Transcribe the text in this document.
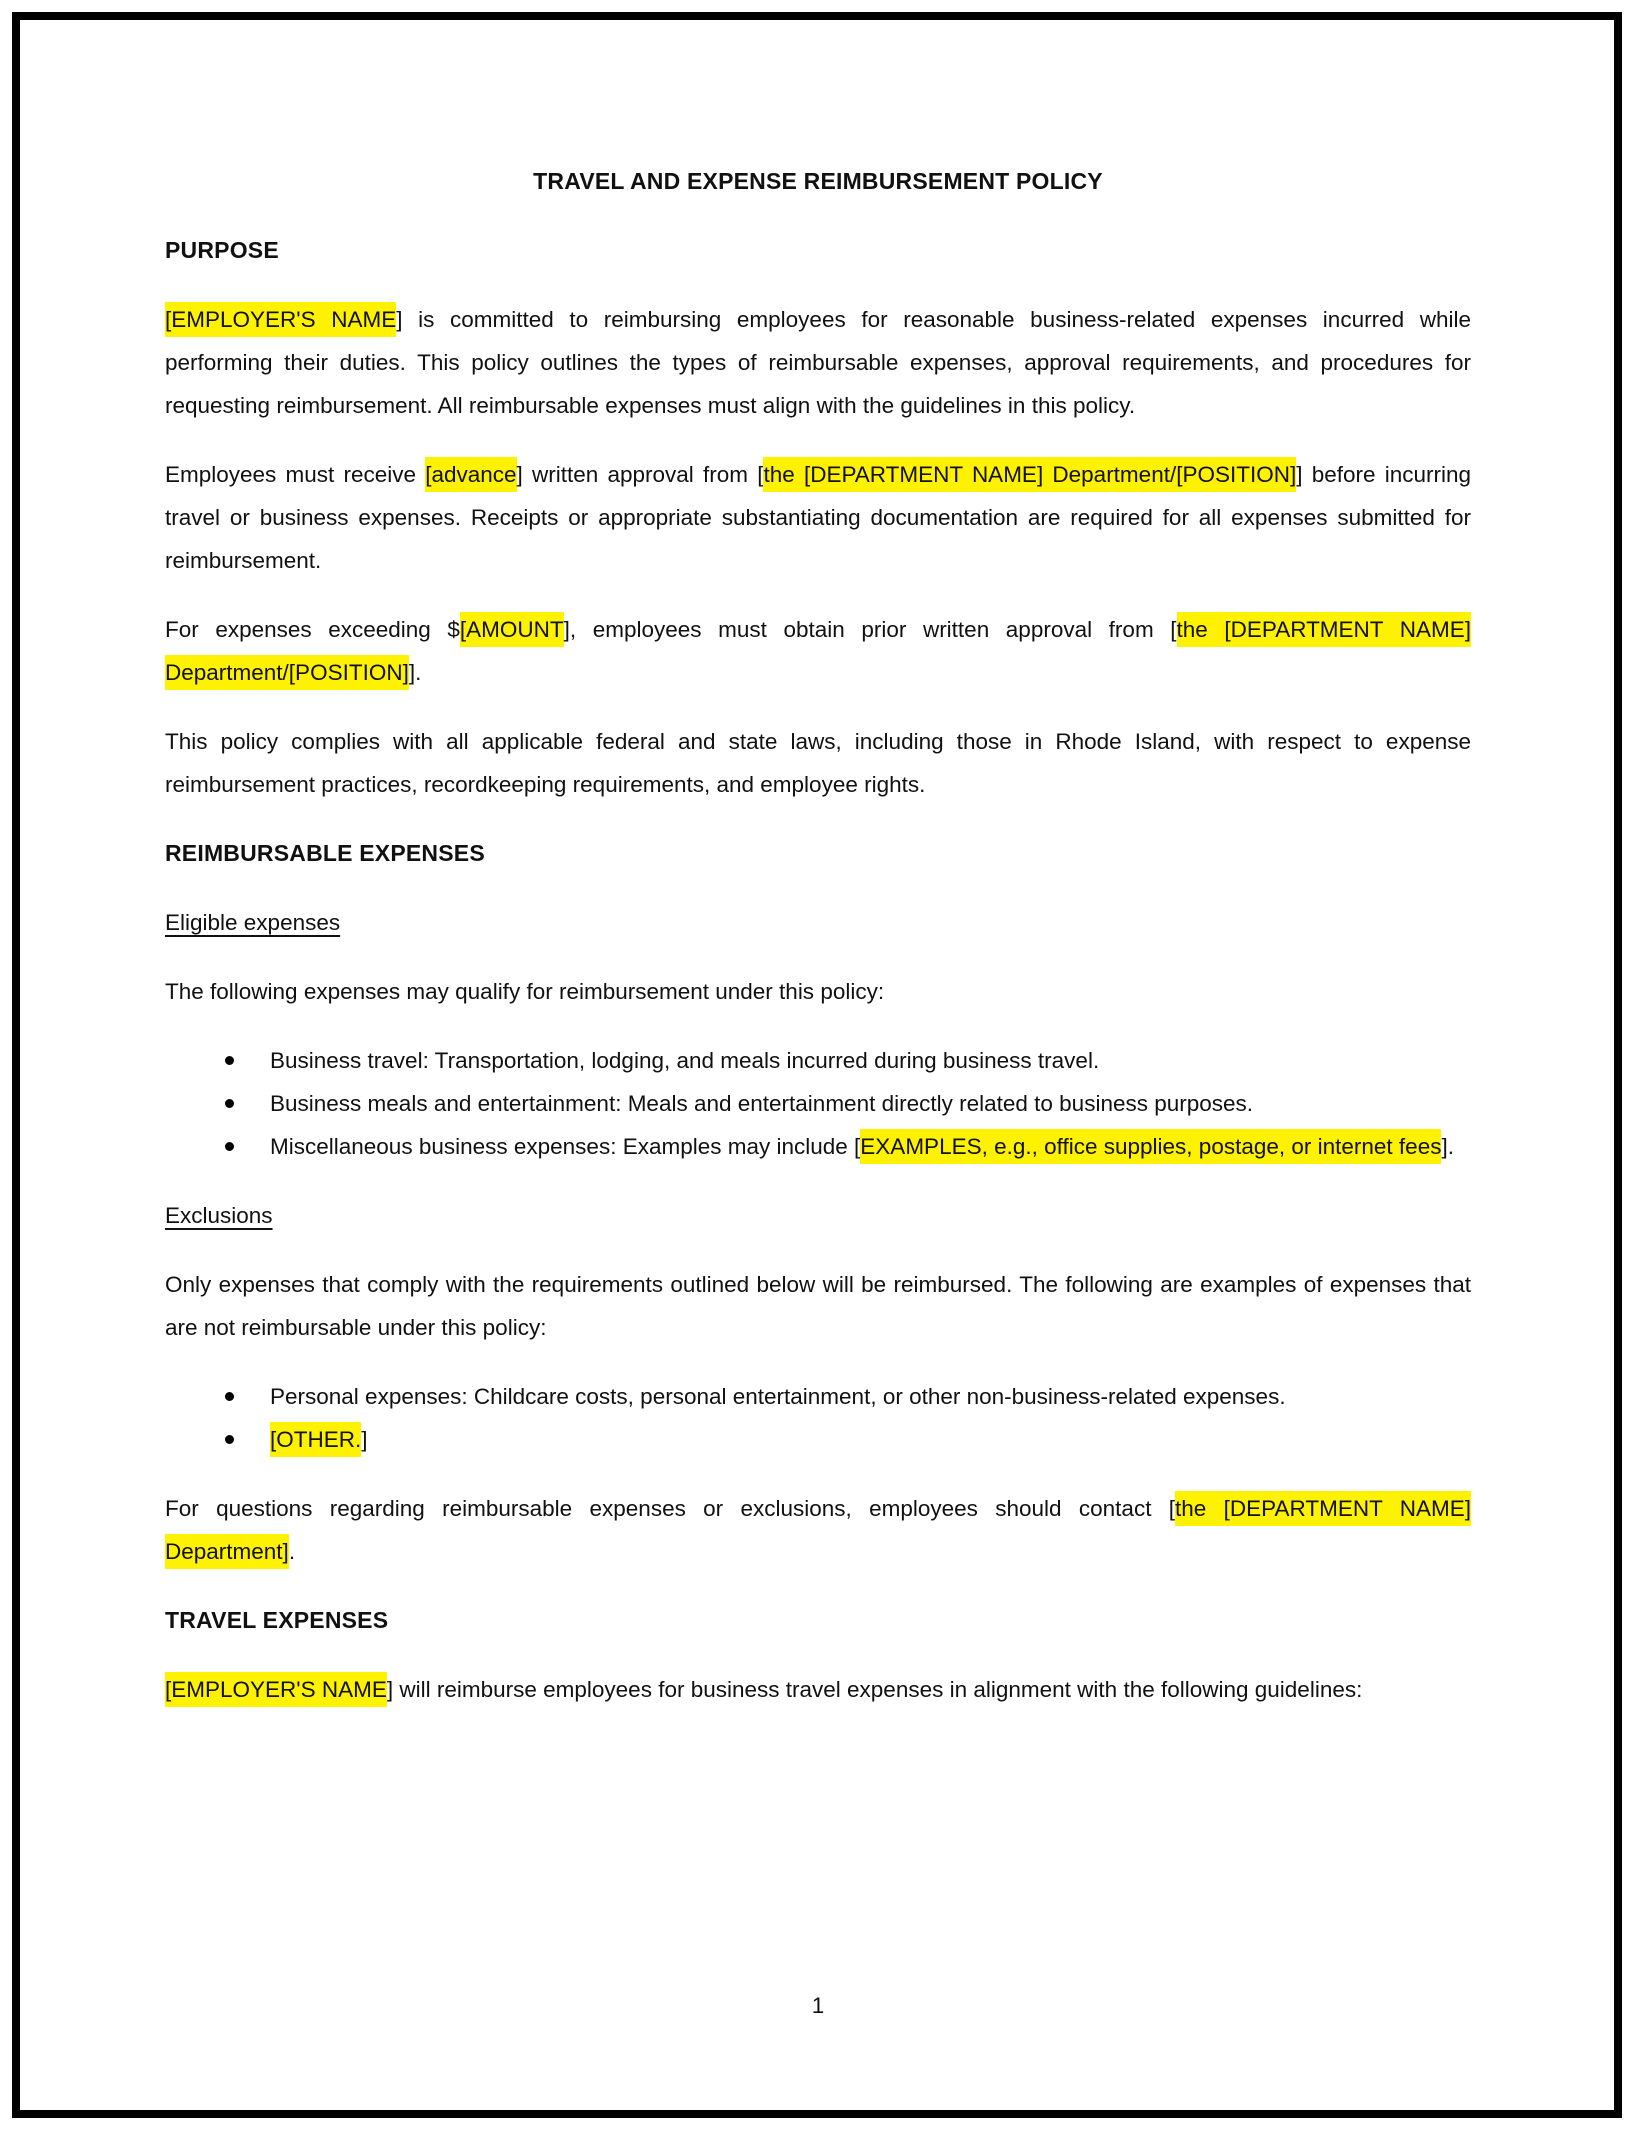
TRAVEL AND EXPENSE REIMBURSEMENT POLICY
PURPOSE

[EMPLOYER'S NAME] is committed to reimbursing employees for reasonable business-related expenses incurred while performing their duties. This policy outlines the types of reimbursable expenses, approval requirements, and procedures for requesting reimbursement. All reimbursable expenses must align with the guidelines in this policy.

Employees must receive [advance] written approval from [the [DEPARTMENT NAME] Department/[POSITION]] before incurring travel or business expenses. Receipts or appropriate substantiating documentation are required for all expenses submitted for reimbursement.

For expenses exceeding $[AMOUNT], employees must obtain prior written approval from [the [DEPARTMENT NAME] Department/[POSITION]].

This policy complies with all applicable federal and state laws, including those in Rhode Island, with respect to expense reimbursement practices, recordkeeping requirements, and employee rights.

REIMBURSABLE EXPENSES
Eligible expenses

The following expenses may qualify for reimbursement under this policy:

Business travel: Transportation, lodging, and meals incurred during business travel.
Business meals and entertainment: Meals and entertainment directly related to business purposes.
Miscellaneous business expenses: Examples may include [EXAMPLES, e.g., office supplies, postage, or internet fees].
Exclusions

Only expenses that comply with the requirements outlined below will be reimbursed. The following are examples of expenses that are not reimbursable under this policy:

Personal expenses: Childcare costs, personal entertainment, or other non-business-related expenses.
[OTHER.]

For questions regarding reimbursable expenses or exclusions, employees should contact [the [DEPARTMENT NAME] Department].

TRAVEL EXPENSES

[EMPLOYER'S NAME] will reimburse employees for business travel expenses in alignment with the following guidelines:

1
